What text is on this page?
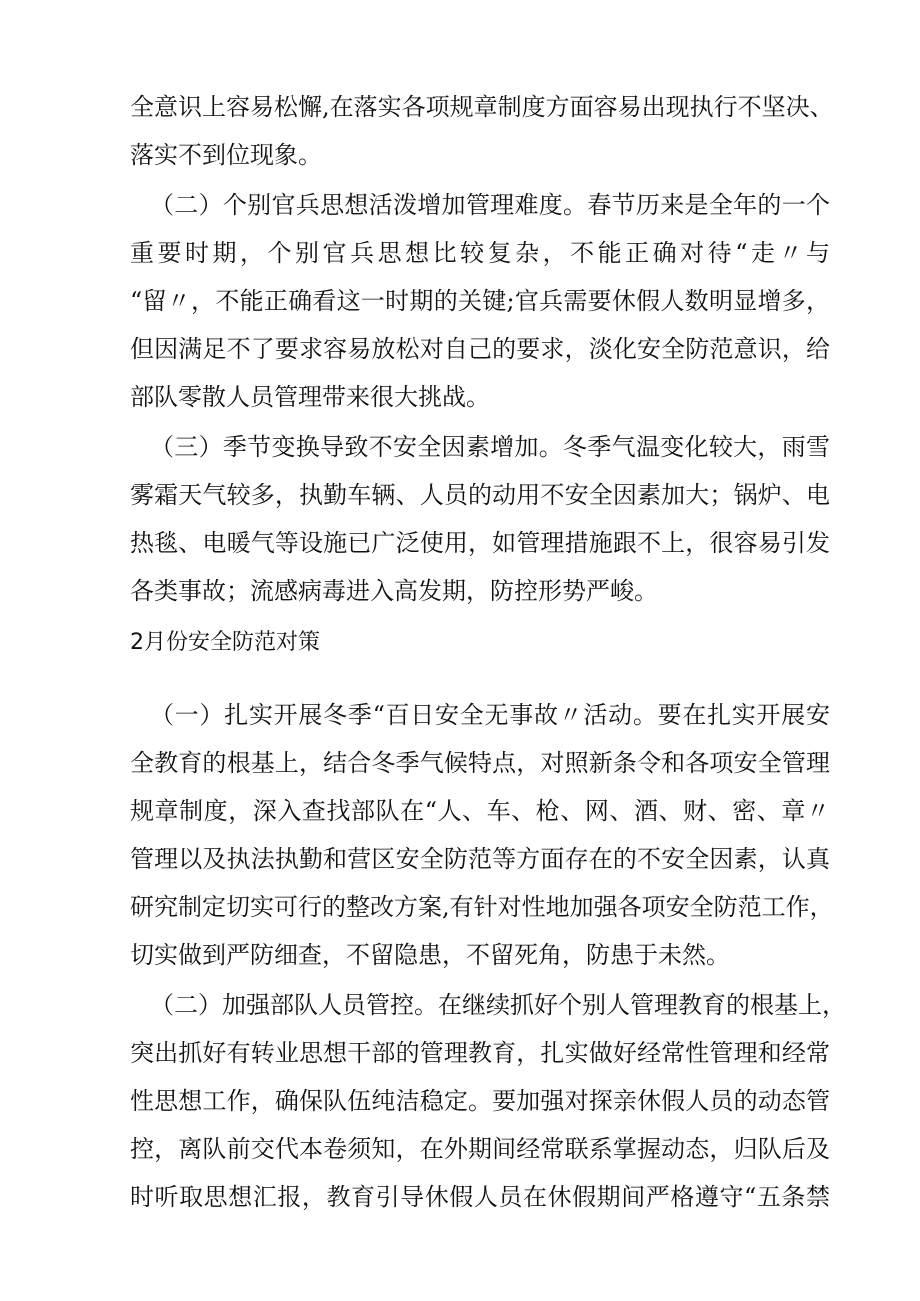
全意识上容易松懈,在落实各项规章制度方面容易出现执行不坚决、

落实不到位现象。

（二）个别官兵思想活泼增加管理难度。春节历来是全年的一个

重要时期，个别官兵思想比较复杂，不能正确对待“走〃与

“留〃，不能正确看这一时期的关键;官兵需要休假人数明显增多，

但因满足不了要求容易放松对自己的要求，淡化安全防范意识，给

部队零散人员管理带来很大挑战。

（三）季节变换导致不安全因素增加。冬季气温变化较大，雨雪

雾霜天气较多，执勤车辆、人员的动用不安全因素加大；锅炉、电

热毯、电暖气等设施已广泛使用，如管理措施跟不上，很容易引发

各类事故；流感病毒进入高发期，防控形势严峻。

2月份安全防范对策

（一）扎实开展冬季“百日安全无事故〃活动。要在扎实开展安

全教育的根基上，结合冬季气候特点，对照新条令和各项安全管理

规章制度，深入查找部队在“人、车、枪、网、酒、财、密、章〃

管理以及执法执勤和营区安全防范等方面存在的不安全因素，认真

研究制定切实可行的整改方案,有针对性地加强各项安全防范工作，

切实做到严防细查，不留隐患，不留死角，防患于未然。

（二）加强部队人员管控。在继续抓好个别人管理教育的根基上，

突出抓好有转业思想干部的管理教育，扎实做好经常性管理和经常

性思想工作，确保队伍纯洁稳定。要加强对探亲休假人员的动态管

控，离队前交代本卷须知，在外期间经常联系掌握动态，归队后及

时听取思想汇报，教育引导休假人员在休假期间严格遵守“五条禁
